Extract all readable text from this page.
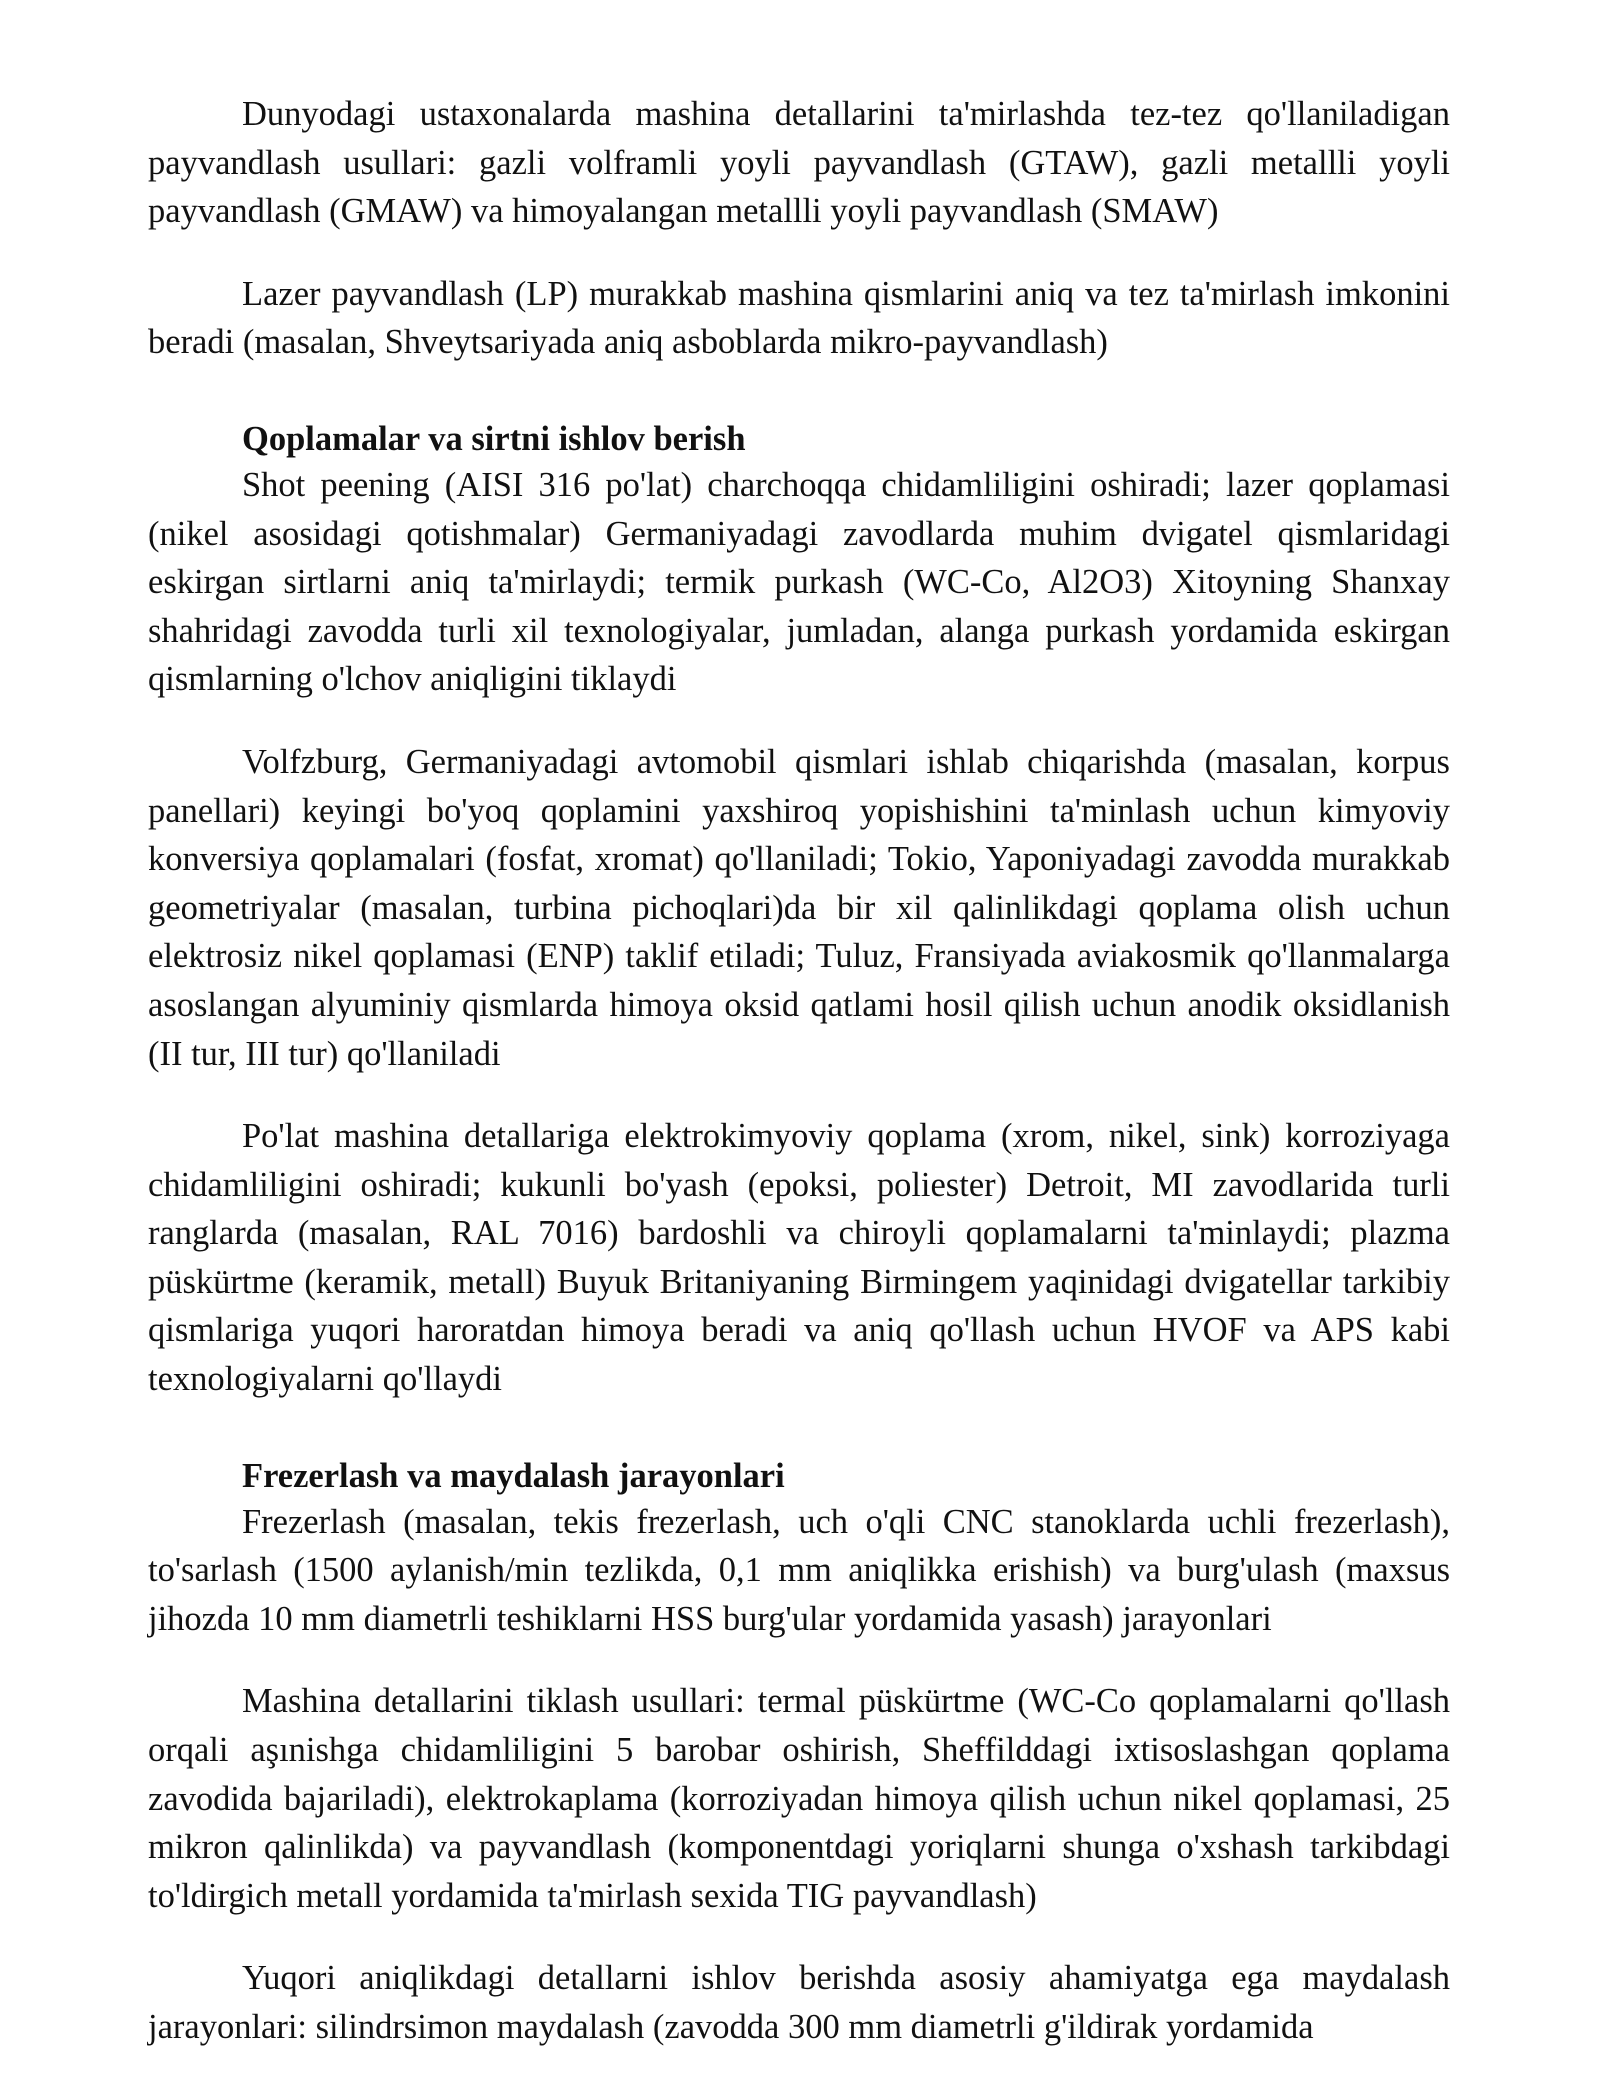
Dunyodagi ustaxonalarda mashina detallarini ta'mirlashda tez-tez qo'llaniladigan payvandlash usullari: gazli volframli yoyli payvandlash (GTAW), gazli metallli yoyli payvandlash (GMAW) va himoyalangan metallli yoyli payvandlash (SMAW)

Lazer payvandlash (LP) murakkab mashina qismlarini aniq va tez ta'mirlash imkonini beradi (masalan, Shveytsariyada aniq asboblarda mikro-payvandlash)

Qoplamalar va sirtni ishlov berish

Shot peening (AISI 316 po'lat) charchoqqa chidamliligini oshiradi; lazer qoplamasi (nikel asosidagi qotishmalar) Germaniyadagi zavodlarda muhim dvigatel qismlaridagi eskirgan sirtlarni aniq ta'mirlaydi; termik purkash (WC-Co, Al2O3) Xitoyning Shanxay shahridagi zavodda turli xil texnologiyalar, jumladan, alanga purkash yordamida eskirgan qismlarning o'lchov aniqligini tiklaydi

Volfzburg, Germaniyadagi avtomobil qismlari ishlab chiqarishda (masalan, korpus panellari) keyingi bo'yoq qoplamini yaxshiroq yopishishini ta'minlash uchun kimyoviy konversiya qoplamalari (fosfat, xromat) qo'llaniladi; Tokio, Yaponiyadagi zavodda murakkab geometriyalar (masalan, turbina pichoqlari)da bir xil qalinlikdagi qoplama olish uchun elektrosiz nikel qoplamasi (ENP) taklif etiladi; Tuluz, Fransiyada aviakosmik qo'llanmalarga asoslangan alyuminiy qismlarda himoya oksid qatlami hosil qilish uchun anodik oksidlanish (II tur, III tur) qo'llaniladi

Po'lat mashina detallariga elektrokimyoviy qoplama (xrom, nikel, sink) korroziyaga chidamliligini oshiradi; kukunli bo'yash (epoksi, poliester) Detroit, MI zavodlarida turli ranglarda (masalan, RAL 7016) bardoshli va chiroyli qoplamalarni ta'minlaydi; plazma püskürtme (keramik, metall) Buyuk Britaniyaning Birmingem yaqinidagi dvigatellar tarkibiy qismlariga yuqori haroratdan himoya beradi va aniq qo'llash uchun HVOF va APS kabi texnologiyalarni qo'llaydi

Frezerlash va maydalash jarayonlari

Frezerlash (masalan, tekis frezerlash, uch o'qli CNC stanoklarda uchli frezerlash), to'sarlash (1500 aylanish/min tezlikda, 0,1 mm aniqlikka erishish) va burg'ulash (maxsus jihozda 10 mm diametrli teshiklarni HSS burg'ular yordamida yasash) jarayonlari

Mashina detallarini tiklash usullari: termal püskürtme (WC-Co qoplamalarni qo'llash orqali aşınishga chidamliligini 5 barobar oshirish, Sheffilddagi ixtisoslashgan qoplama zavodida bajariladi), elektrokaplama (korroziyadan himoya qilish uchun nikel qoplamasi, 25 mikron qalinlikda) va payvandlash (komponentdagi yoriqlarni shunga o'xshash tarkibdagi to'ldirgich metall yordamida ta'mirlash sexida TIG payvandlash)

Yuqori aniqlikdagi detallarni ishlov berishda asosiy ahamiyatga ega maydalash jarayonlari: silindrsimon maydalash (zavodda 300 mm diametrli g'ildirak yordamida
